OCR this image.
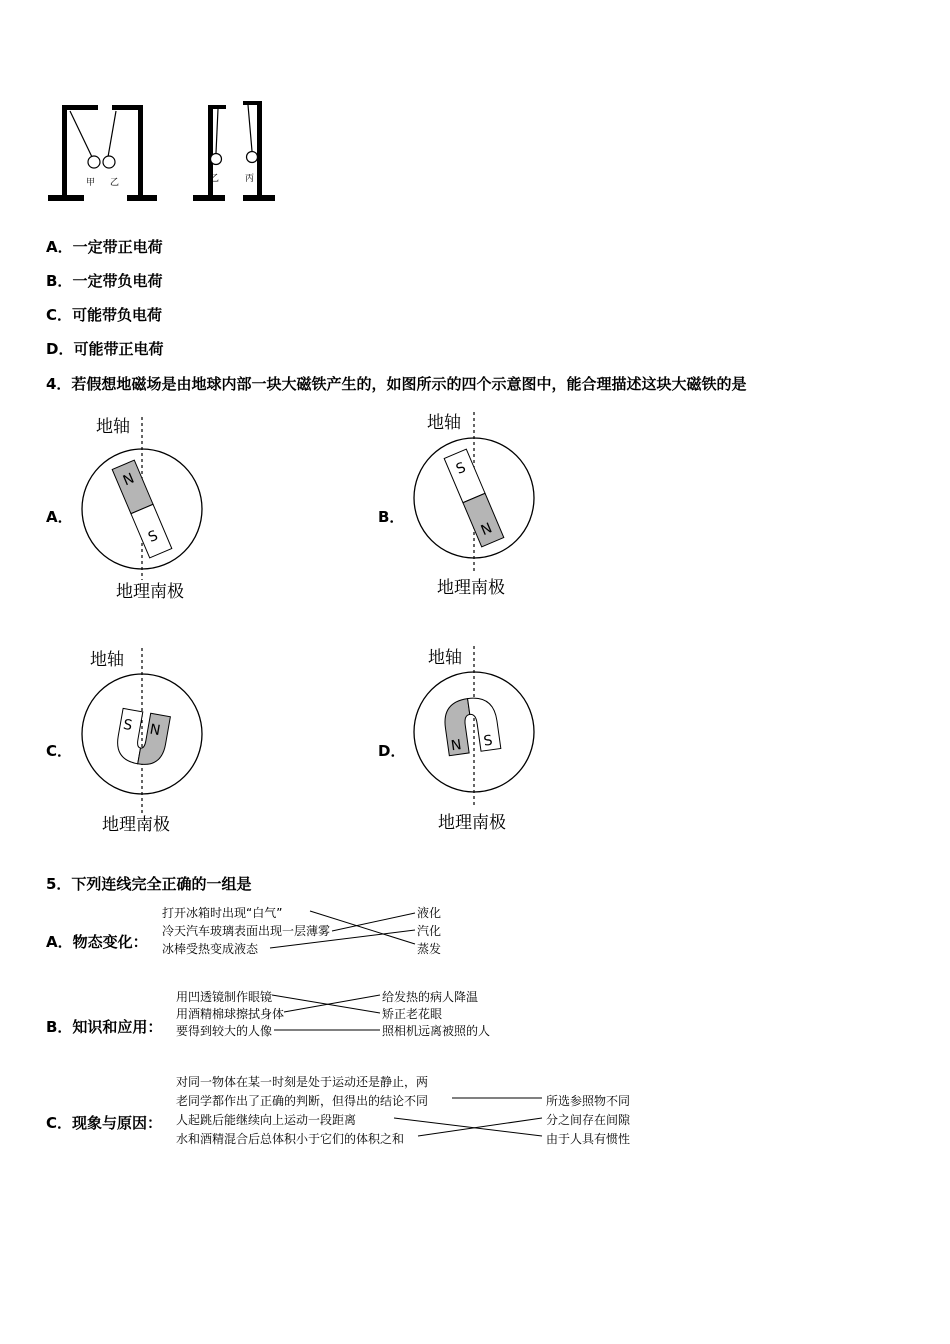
甲 乙	乙	丙
A．一定带正电荷
B．一定带负电荷
C．可能带负电荷
D．可能带正电荷
4．若假想地磁场是由地球内部一块大磁铁产生的，如图所示的四个示意图中，能合理描述这块大磁铁的是
A．
地轴
地理南极
N
S
B．
地轴
地理南极
S
N
C．
地轴
地理南极
S N
D．
地轴
地理南极
N S
5．下列连线完全正确的一组是
A．物态变化：
打开冰箱时出现“白气”
冷天汽车玻璃表面出现一层薄雾
冰棒受热变成液态
液化
汽化
蒸发
B．知识和应用：
用凹透镜制作眼镜
用酒精棉球擦拭身体
要得到较大的人像
给发热的病人降温
矫正老花眼
照相机远离被照的人
C．现象与原因：
对同一物体在某一时刻是处于运动还是静止，两
老同学都作出了正确的判断，但得出的结论不同
人起跳后能继续向上运动一段距离
水和酒精混合后总体积小于它们的体积之和
所选参照物不同
分之间存在间隙
由于人具有惯性
